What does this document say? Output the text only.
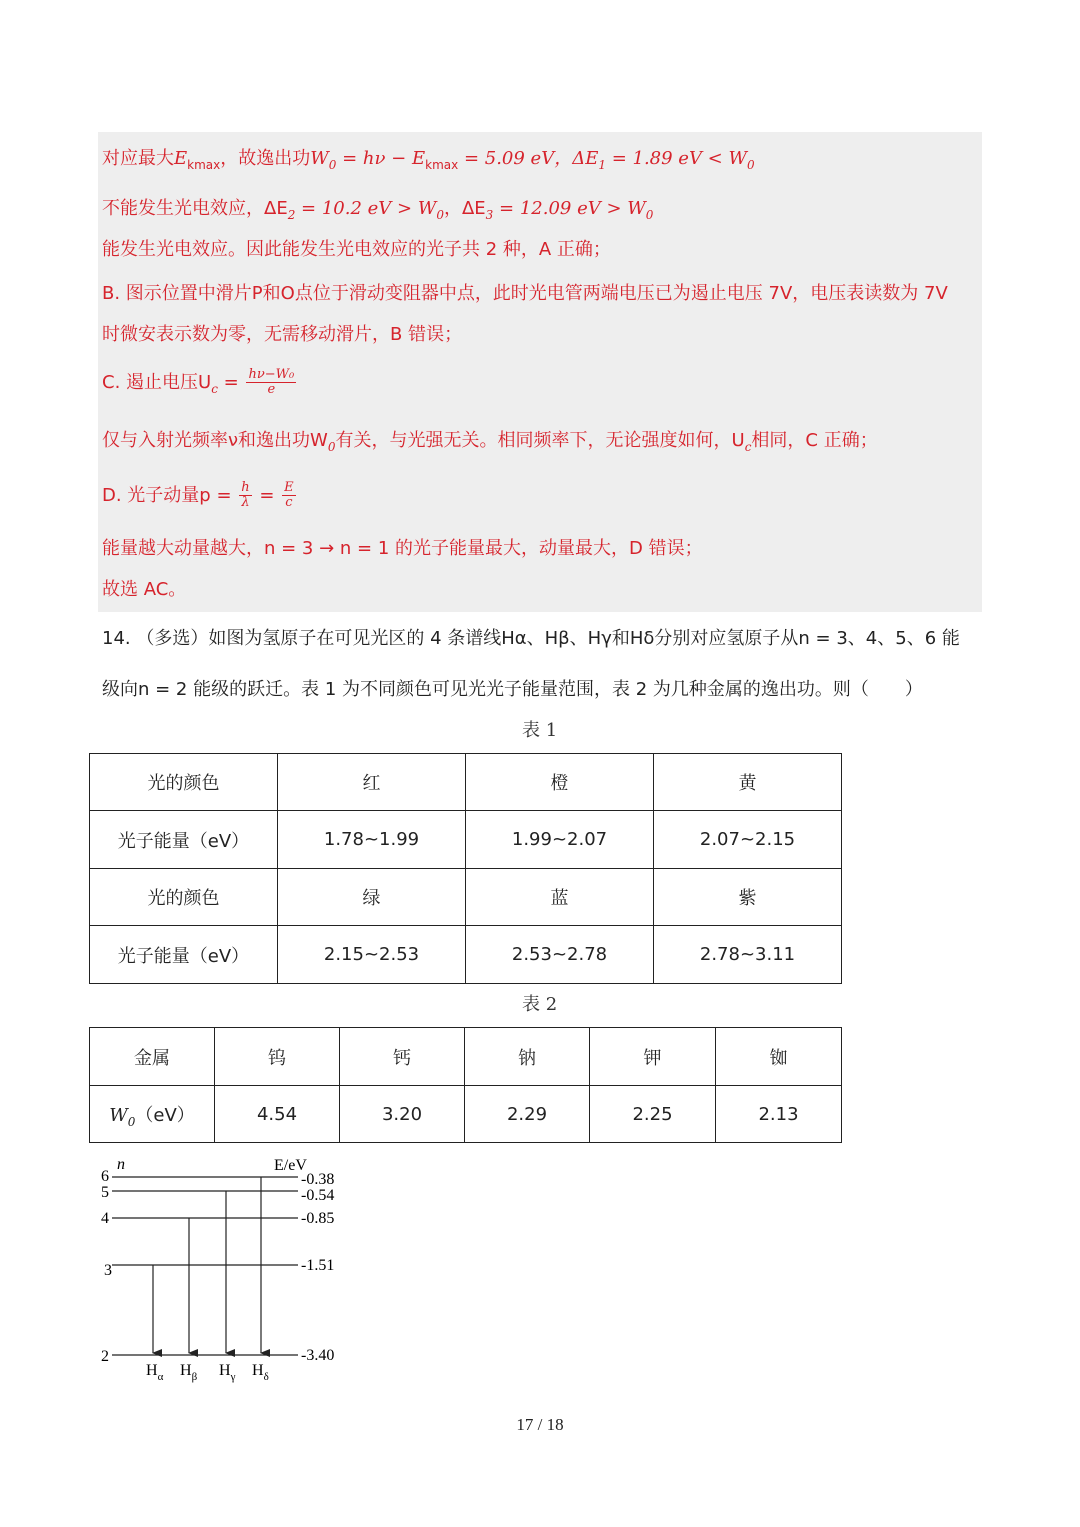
对应最大$E_{kmax}$，故逸出功$W_0 = h\nu - E_{kmax} = 5.09$ eV，$\Delta E_1 = 1.89$ eV < $W_0$
不能发生光电效应，$\Delta E_2 = 10.2$ eV > $W_0$，$\Delta E_3 = 12.09$ eV > $W_0$
能发生光电效应。因此能发生光电效应的光子共 2 种，A 正确；
B. 图示位置中滑片P和O点位于滑动变阻器中点，此时光电管两端电压已为遏止电压 7V，电压表读数为 7V
时微安表示数为零，无需移动滑片，B 错误；
C. 遏止电压$U_c = \frac{\text{hν−W₀}}{e}$
仅与入射光频率ν和逸出功$W_0$有关，与光强无关。相同频率下，无论强度如何，$U_c$相同，C 正确；
D. 光子动量$p = \frac{h}{\lambda} = \frac{E}{c}$
能量越大动量越大，n = 3 → n = 1 的光子能量最大，动量最大，D 错误；
故选 AC。
14. （多选）如图为氢原子在可见光区的 4 条谱线Hα、Hβ、Hγ和Hδ分别对应氢原子从n = 3、4、5、6 能
级向n = 2 能级的跃迁。表 1 为不同颜色可见光光子能量范围，表 2 为几种金属的逸出功。则（　　）
表 1
光的颜色	红	橙	黄
光子能量（eV）	1.78~1.99	1.99~2.07	2.07~2.15
光的颜色	绿	蓝	紫
光子能量（eV）	2.15~2.53	2.53~2.78	2.78~3.11
表 2
金属	钨	钙	钠	钾	铷
$W_0(eV)$	4.54	3.20	2.29	2.25	2.13
n	E/eV
6
5
4
3
2
-0.38
-0.54
-0.85
-1.51
-3.40
$H_\alpha$ $H_\beta$ $H_\gamma$ $H_\delta$
17 / 18
